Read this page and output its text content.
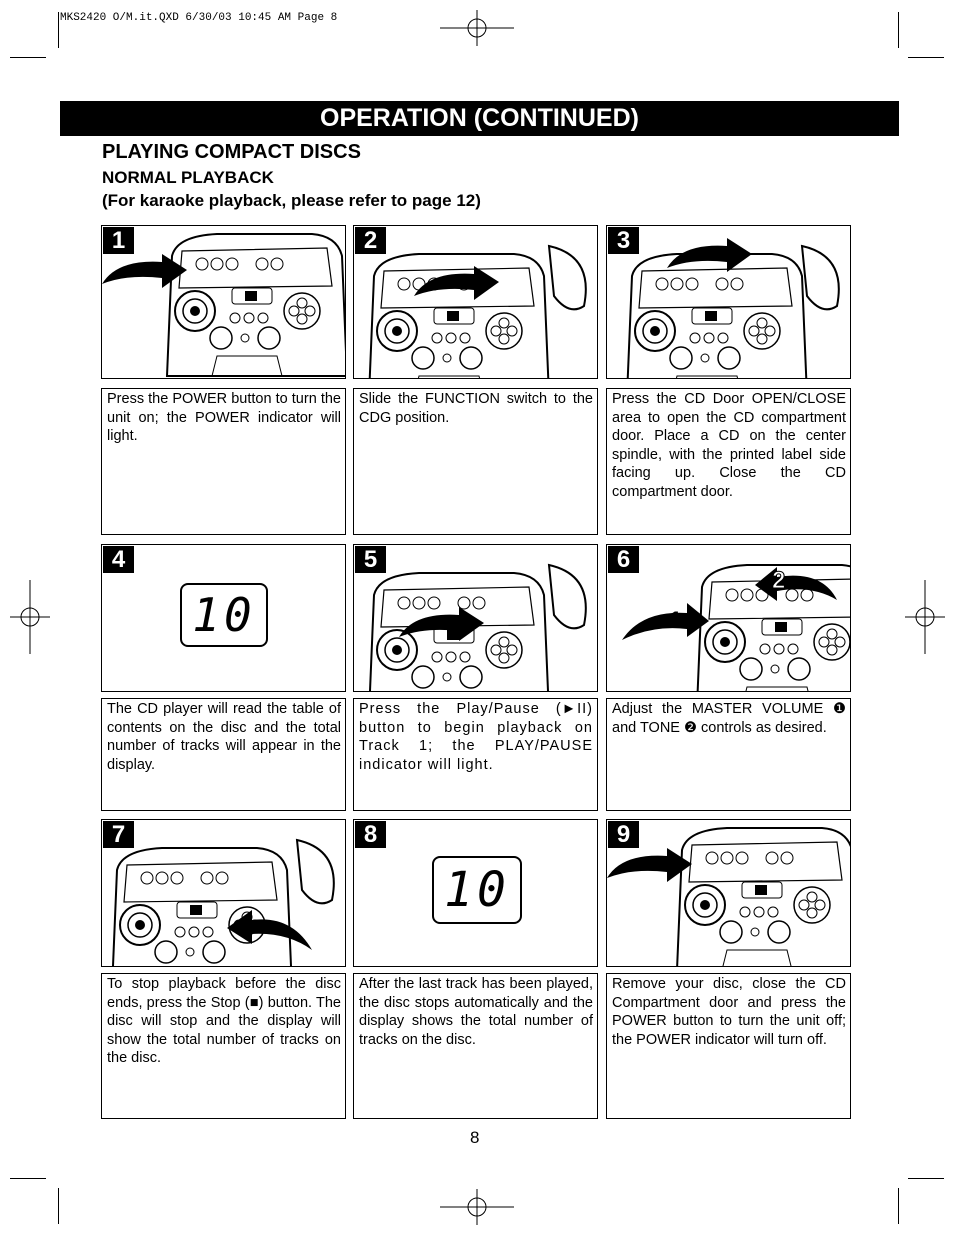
MKS2420 O/M.it.QXD 6/30/03 10:45 AM Page 8
OPERATION (CONTINUED)
PLAYING COMPACT DISCS
NORMAL PLAYBACK
(For karaoke playback, please refer to page 12)
1	2	3
Press the POWER button to turn the unit on; the POWER indicator will light.
Slide the FUNCTION switch to the CDG position.
Press the CD Door OPEN/CLOSE area to open the CD compartment door. Place a CD on the center spindle, with the printed label side facing up. Close the CD compartment door.
4
10
5	6
1
2
The CD player will read the table of contents on the disc and the total number of tracks will appear in the display.
Press the Play/Pause (►II) button to begin playback on Track 1; the PLAY/PAUSE indicator will light.
Adjust the MASTER VOLUME ❶ and TONE ❷ controls as desired.
7	8
10
9
To stop playback before the disc ends, press the Stop (■) button. The disc will stop and the display will show the total number of tracks on the disc.
After the last track has been played, the disc stops automatically and the display shows the total number of tracks on the disc.
Remove your disc, close the CD Compartment door and press the POWER button to turn the unit off; the POWER indicator will turn off.
8
